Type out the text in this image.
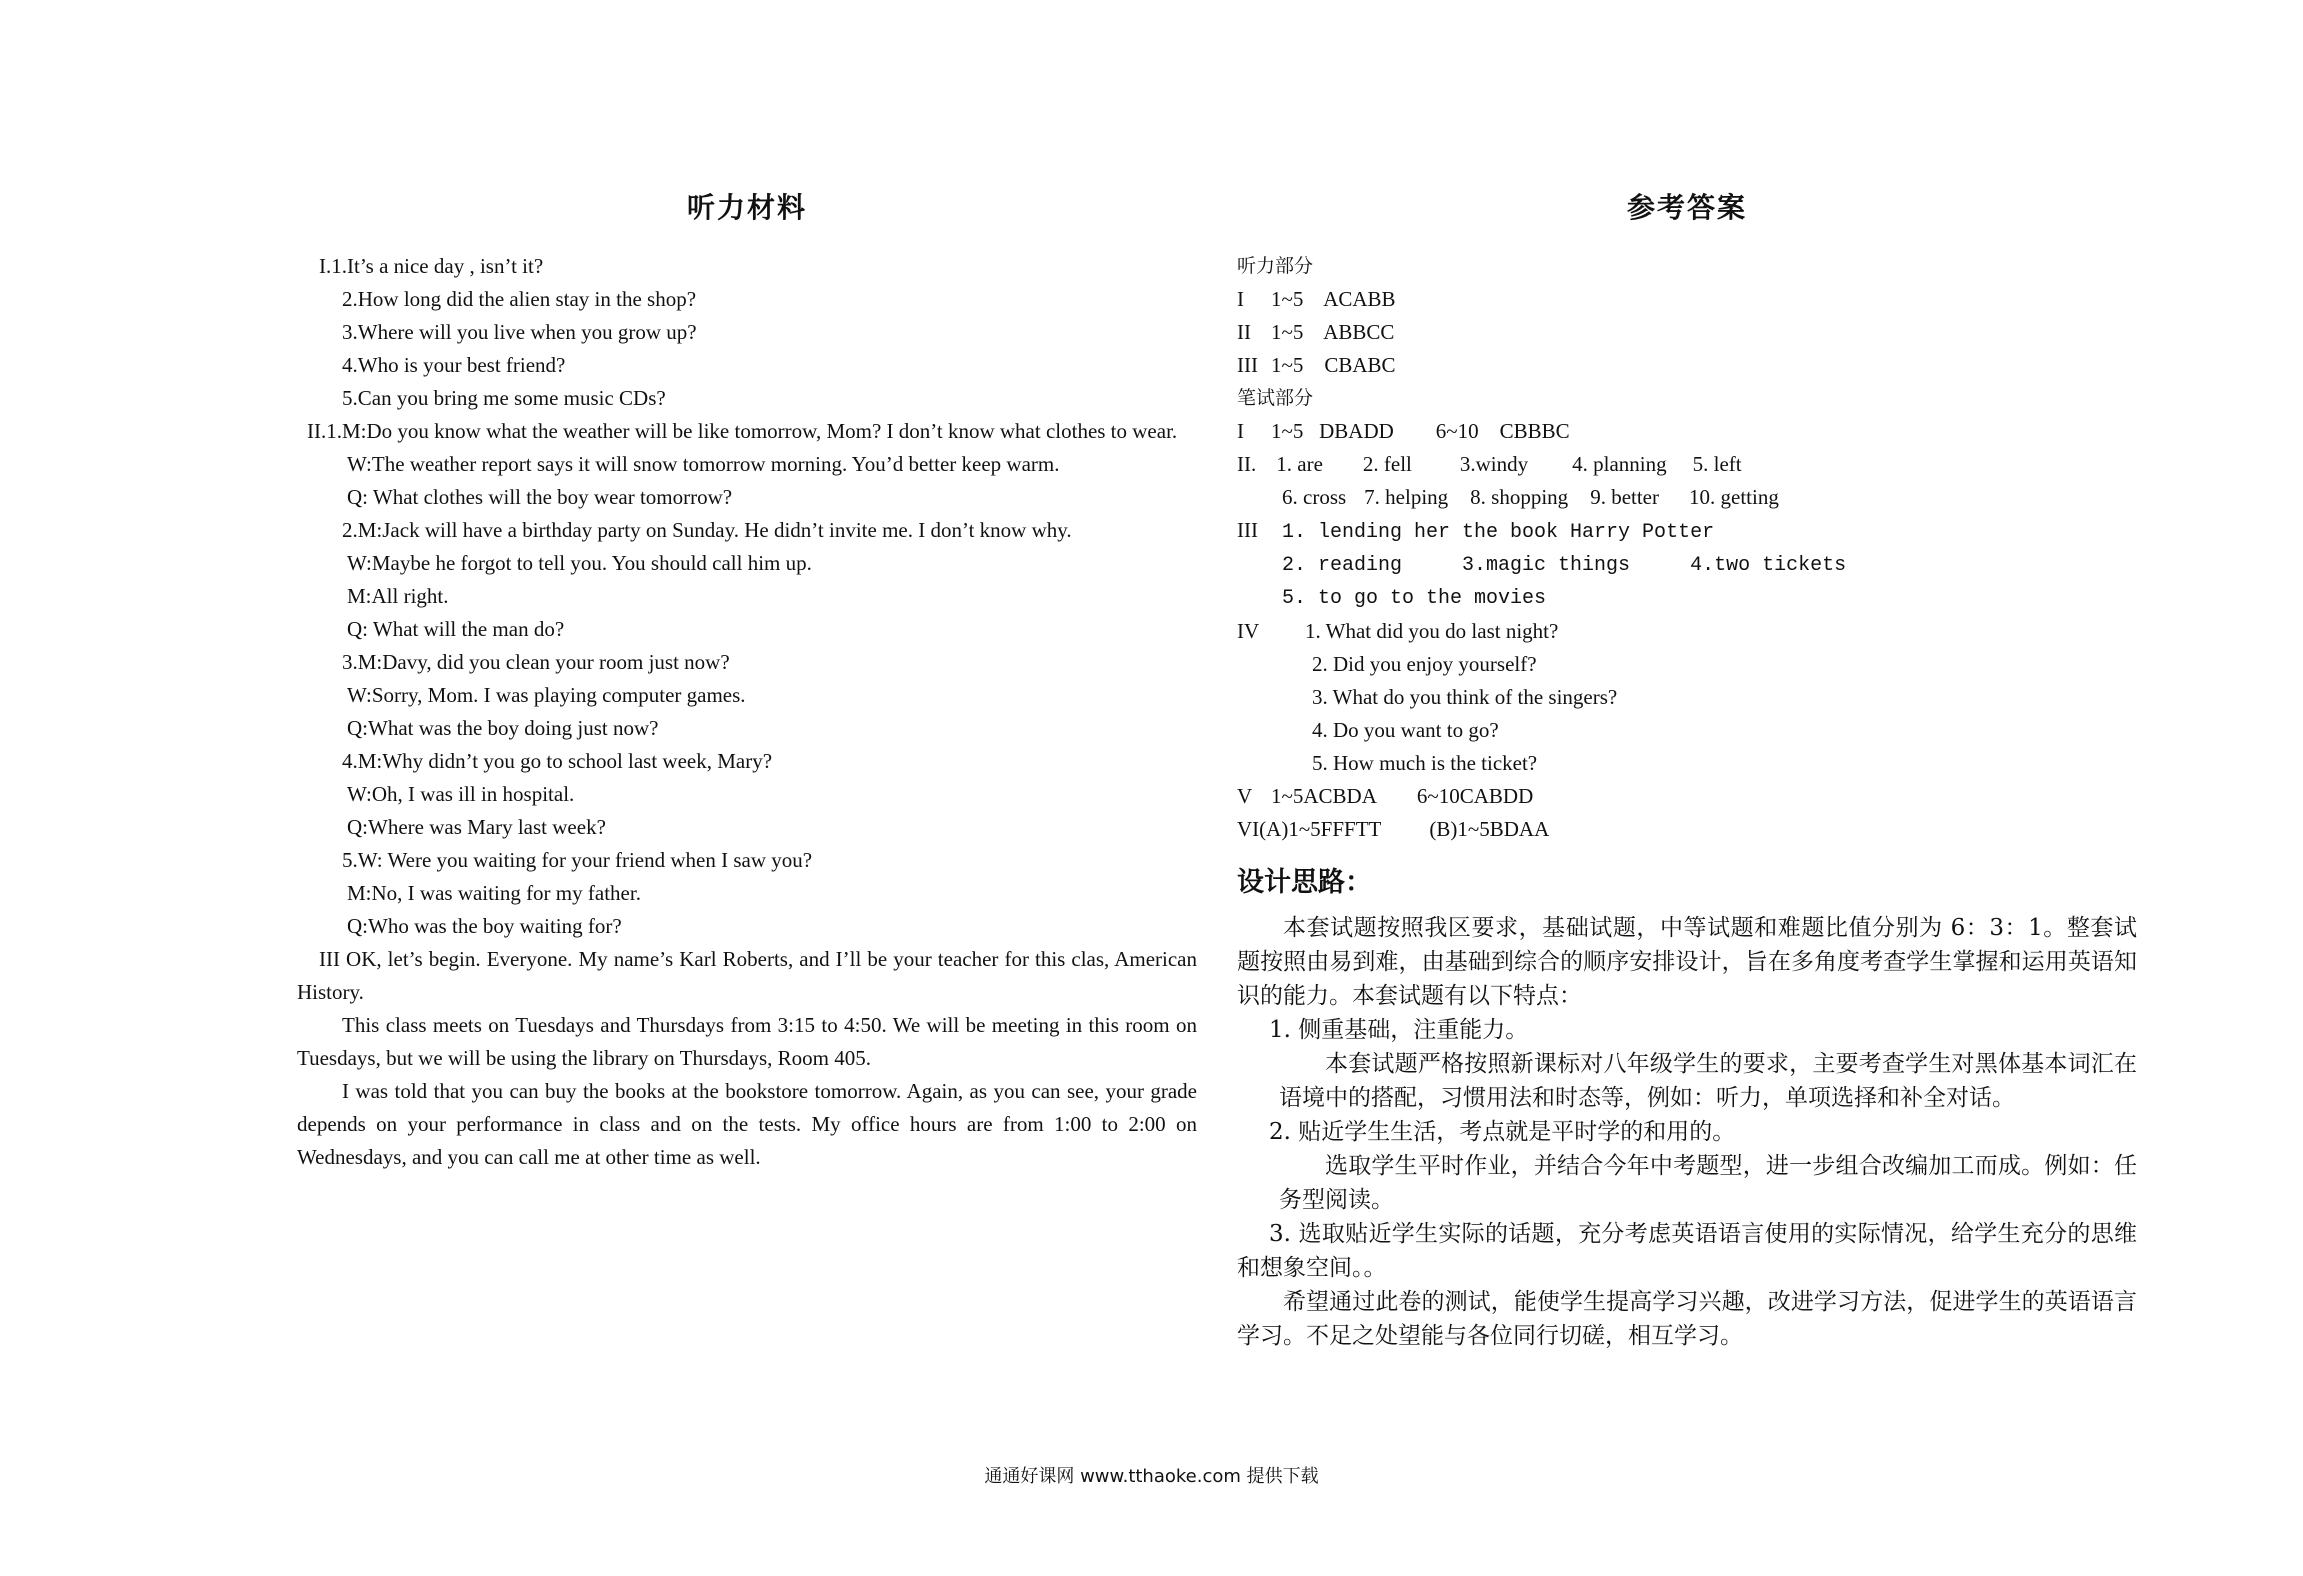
听力材料
I.1.It’s a nice day , isn’t it?
2.How long did the alien stay in the shop?
3.Where will you live when you grow up?
4.Who is your best friend?
5.Can you bring me some music CDs?
II.1.M:Do you know what the weather will be like tomorrow, Mom? I don’t know what clothes to wear.
W:The weather report says it will snow tomorrow morning. You’d better keep warm.
Q: What clothes will the boy wear tomorrow?
2.M:Jack will have a birthday party on Sunday. He didn’t invite me. I don’t know why.
W:Maybe he forgot to tell you. You should call him up.
M:All right.
Q: What will the man do?
3.M:Davy, did you clean your room just now?
W:Sorry, Mom. I was playing computer games.
Q:What was the boy doing just now?
4.M:Why didn’t you go to school last week, Mary?
W:Oh, I was ill in hospital.
Q:Where was Mary last week?
5.W: Were you waiting for your friend when I saw you?
M:No, I was waiting for my father.
Q:Who was the boy waiting for?
III OK, let’s begin. Everyone. My name’s Karl Roberts, and I’ll be your teacher for this clas, American History.
This class meets on Tuesdays and Thursdays from 3:15 to 4:50. We will be meeting in this room on Tuesdays, but we will be using the library on Thursdays, Room 405.
I was told that you can buy the books at the bookstore tomorrow. Again, as you can see, your grade depends on your performance in class and on the tests. My office hours are from 1:00 to 2:00 on Wednesdays, and you can call me at other time as well.
参考答案
听力部分
I 1~5    ACABB
II 1~5    ABBCC
III 1~5    CBABC
笔试部分
I 1~5   DBADD 6~10    CBBBC
II. 1. are 2. fell 3.windy 4. planning 5. left
6. cross 7. helping 8. shopping 9. better 10. getting
III 1. lending her the book Harry Potter
2. reading     3.magic things     4.two tickets
5. to go to the movies
IV 1. What did you do last night?
2. Did you enjoy yourself?
3. What do you think of the singers?
4. Do you want to go?
5. How much is the ticket?
V 1~5ACBDA 6~10CABDD
VI(A)1~5FFFTT (B)1~5BDAA
设计思路：
本套试题按照我区要求，基础试题，中等试题和难题比值分别为 6：3：1。整套试题按照由易到难，由基础到综合的顺序安排设计，旨在多角度考查学生掌握和运用英语知识的能力。本套试题有以下特点：
1. 侧重基础，注重能力。
本套试题严格按照新课标对八年级学生的要求，主要考查学生对黑体基本词汇在语境中的搭配，习惯用法和时态等，例如：听力，单项选择和补全对话。
2. 贴近学生生活，考点就是平时学的和用的。
选取学生平时作业，并结合今年中考题型，进一步组合改编加工而成。例如：任务型阅读。
3. 选取贴近学生实际的话题，充分考虑英语语言使用的实际情况，给学生充分的思维和想象空间。。
希望通过此卷的测试，能使学生提高学习兴趣，改进学习方法，促进学生的英语语言学习。不足之处望能与各位同行切磋，相互学习。
通通好课网 www.tthaoke.com 提供下载
